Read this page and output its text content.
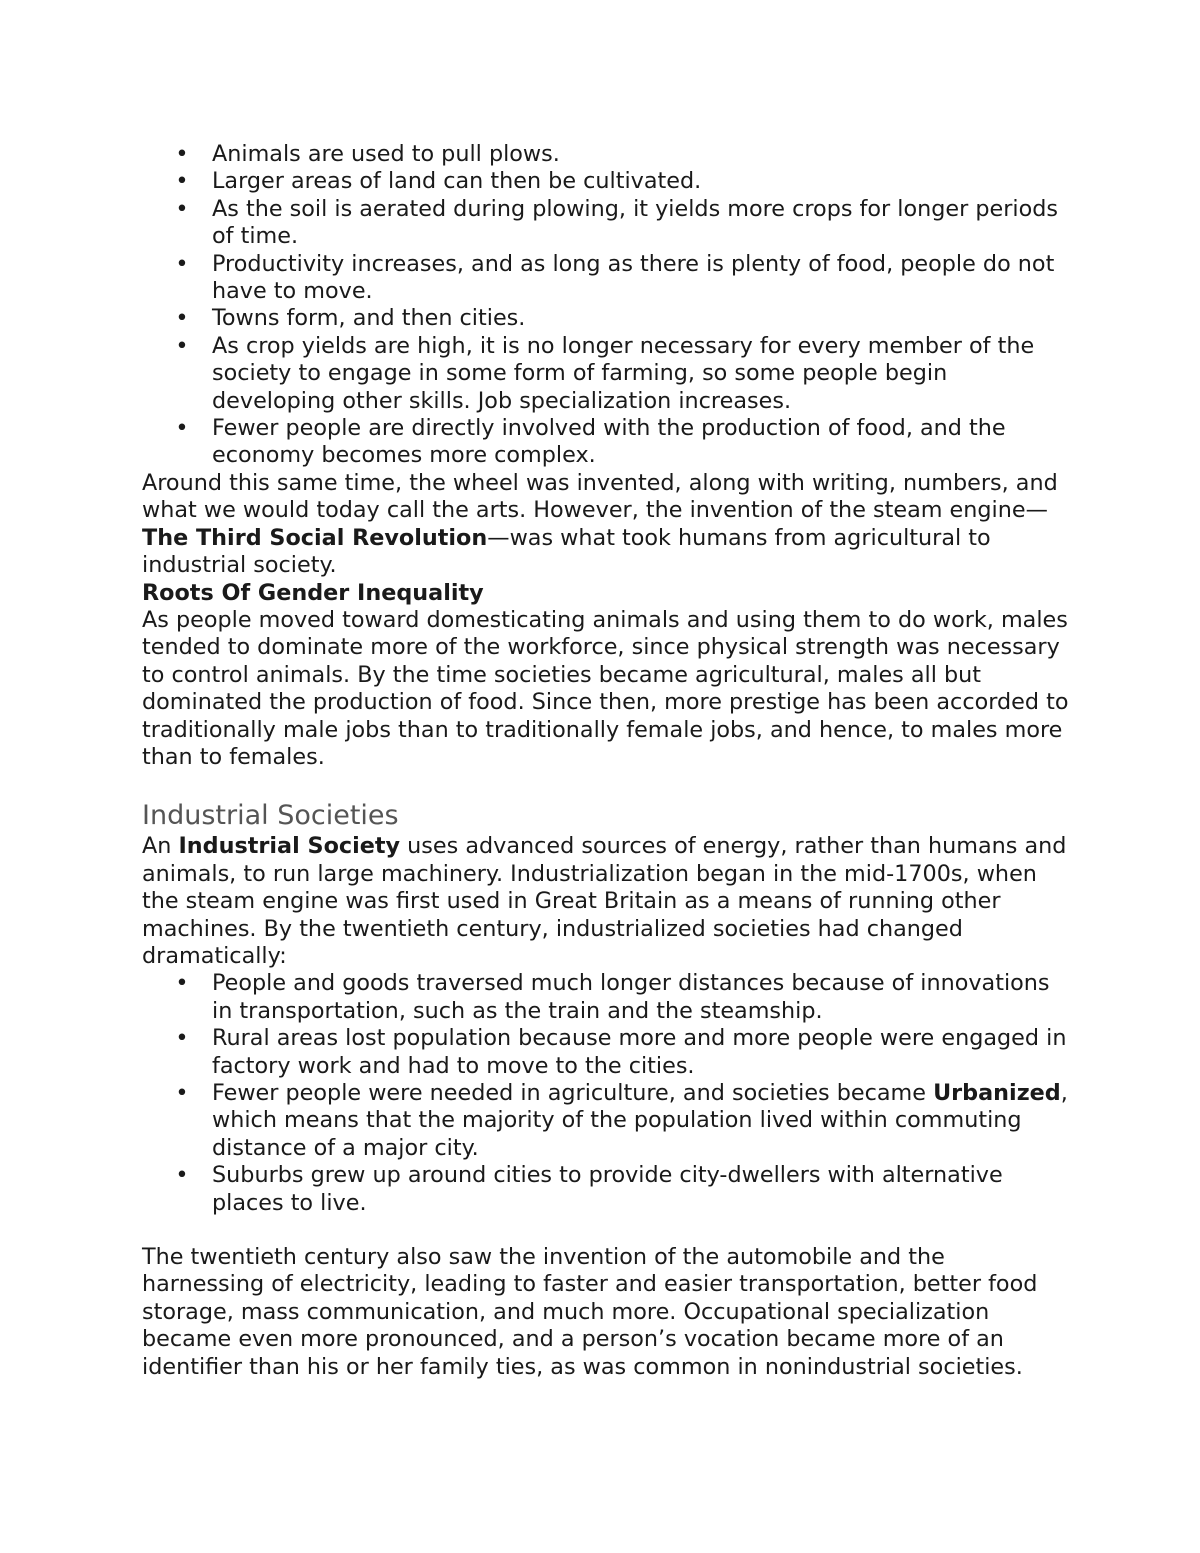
• Animals are used to pull plows.
• Larger areas of land can then be cultivated.
• As the soil is aerated during plowing, it yields more crops for longer periods of time.
• Productivity increases, and as long as there is plenty of food, people do not have to move.
• Towns form, and then cities.
• As crop yields are high, it is no longer necessary for every member of the society to engage in some form of farming, so some people begin developing other skills. Job specialization increases.
• Fewer people are directly involved with the production of food, and the economy becomes more complex.

Around this same time, the wheel was invented, along with writing, numbers, and what we would today call the arts. However, the invention of the steam engine—The Third Social Revolution—was what took humans from agricultural to industrial society.

Roots Of Gender Inequality

As people moved toward domesticating animals and using them to do work, males tended to dominate more of the workforce, since physical strength was necessary to control animals. By the time societies became agricultural, males all but dominated the production of food. Since then, more prestige has been accorded to traditionally male jobs than to traditionally female jobs, and hence, to males more than to females.

Industrial Societies

An Industrial Society uses advanced sources of energy, rather than humans and animals, to run large machinery. Industrialization began in the mid-1700s, when the steam engine was first used in Great Britain as a means of running other machines. By the twentieth century, industrialized societies had changed dramatically:

• People and goods traversed much longer distances because of innovations in transportation, such as the train and the steamship.
• Rural areas lost population because more and more people were engaged in factory work and had to move to the cities.
• Fewer people were needed in agriculture, and societies became Urbanized, which means that the majority of the population lived within commuting distance of a major city.
• Suburbs grew up around cities to provide city-dwellers with alternative places to live.

The twentieth century also saw the invention of the automobile and the harnessing of electricity, leading to faster and easier transportation, better food storage, mass communication, and much more. Occupational specialization became even more pronounced, and a person’s vocation became more of an identifier than his or her family ties, as was common in nonindustrial societies.
